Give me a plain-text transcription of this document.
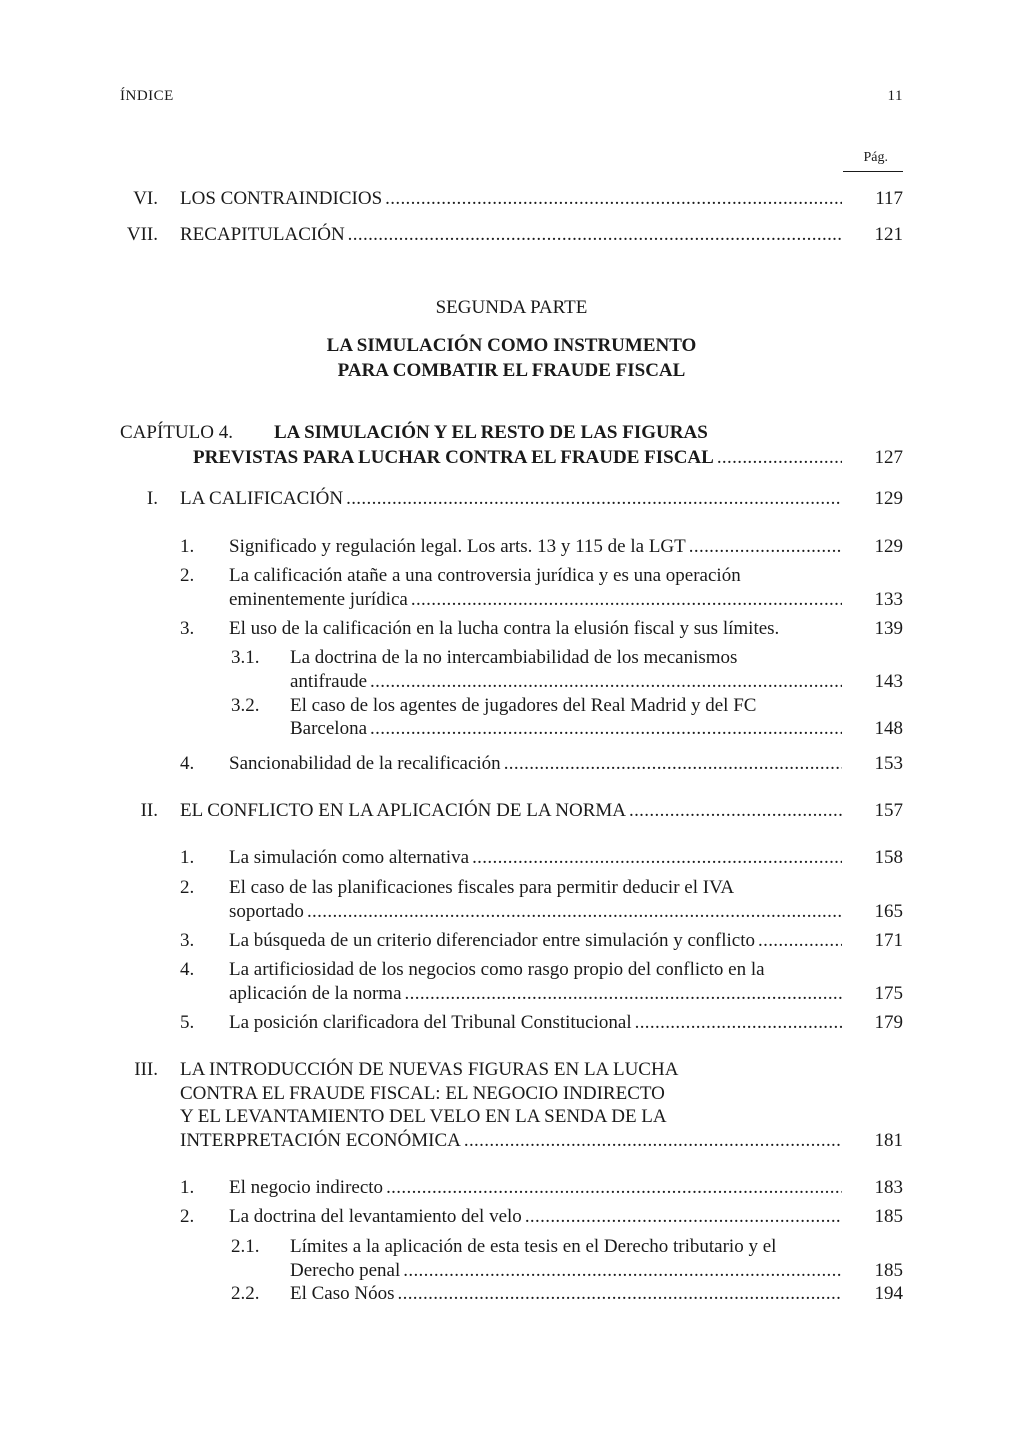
ÍNDICE	11
Pág.
VI. LOS CONTRAINDICIOS . . .	117
VII. RECAPITULACIÓN . . .	121
SEGUNDA PARTE
LA SIMULACIÓN COMO INSTRUMENTO
PARA COMBATIR EL FRAUDE FISCAL
CAPÍTULO 4. LA SIMULACIÓN Y EL RESTO DE LAS FIGURAS
PREVISTAS PARA LUCHAR CONTRA EL FRAUDE FISCAL . . .	127
I. LA CALIFICACIÓN . . .	129
1. Significado y regulación legal. Los arts. 13 y 115 de la LGT . . .	129
2. La calificación atañe a una controversia jurídica y es una operación
eminentemente jurídica . . .	133
3. El uso de la calificación en la lucha contra la elusión fiscal y sus límites.	139
3.1. La doctrina de la no intercambiabilidad de los mecanismos
antifraude . . .	143
3.2. El caso de los agentes de jugadores del Real Madrid y del FC
Barcelona . . .	148
4. Sancionabilidad de la recalificación . . .	153
II. EL CONFLICTO EN LA APLICACIÓN DE LA NORMA . . .	157
1. La simulación como alternativa . . .	158
2. El caso de las planificaciones fiscales para permitir deducir el IVA
soportado . . .	165
3. La búsqueda de un criterio diferenciador entre simulación y conflicto . . .	171
4. La artificiosidad de los negocios como rasgo propio del conflicto en la
aplicación de la norma . . .	175
5. La posición clarificadora del Tribunal Constitucional . . .	179
III. LA INTRODUCCIÓN DE NUEVAS FIGURAS EN LA LUCHA
CONTRA EL FRAUDE FISCAL: EL NEGOCIO INDIRECTO
Y EL LEVANTAMIENTO DEL VELO EN LA SENDA DE LA
INTERPRETACIÓN ECONÓMICA . . .	181
1. El negocio indirecto . . .	183
2. La doctrina del levantamiento del velo . . .	185
2.1. Límites a la aplicación de esta tesis en el Derecho tributario y el
Derecho penal . . .	185
2.2. El Caso Nóos . . .	194
